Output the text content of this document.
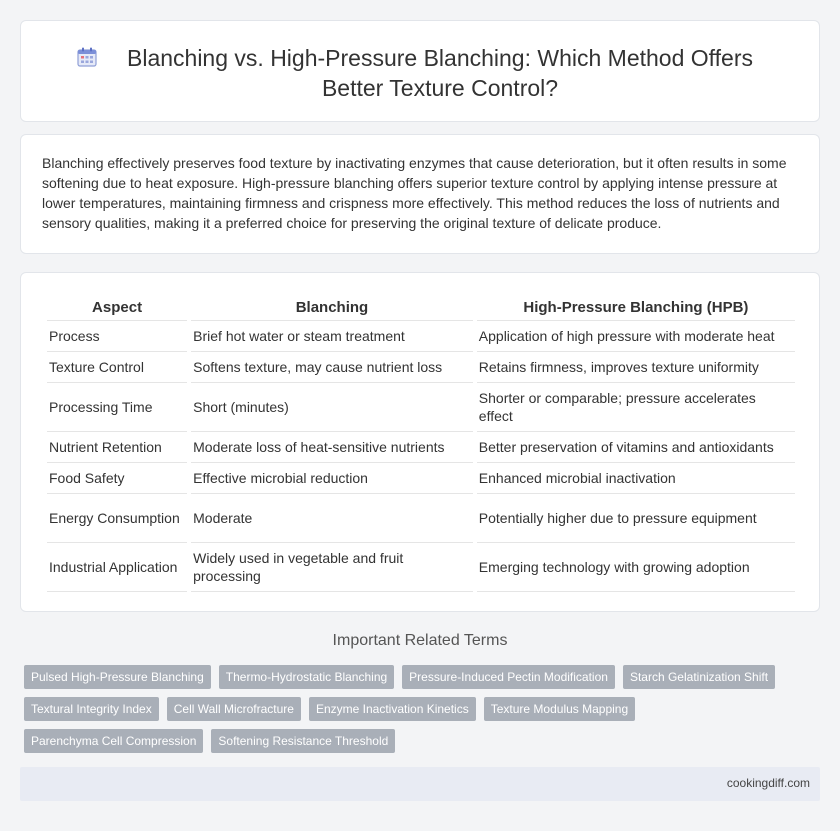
Blanching vs. High-Pressure Blanching: Which Method Offers Better Texture Control?

Blanching effectively preserves food texture by inactivating enzymes that cause deterioration, but it often results in some softening due to heat exposure. High-pressure blanching offers superior texture control by applying intense pressure at lower temperatures, maintaining firmness and crispness more effectively. This method reduces the loss of nutrients and sensory qualities, making it a preferred choice for preserving the original texture of delicate produce.

Aspect	Blanching	High-Pressure Blanching (HPB)
Process	Brief hot water or steam treatment	Application of high pressure with moderate heat
Texture Control	Softens texture, may cause nutrient loss	Retains firmness, improves texture uniformity
Processing Time	Short (minutes)	Shorter or comparable; pressure accelerates effect
Nutrient Retention	Moderate loss of heat-sensitive nutrients	Better preservation of vitamins and antioxidants
Food Safety	Effective microbial reduction	Enhanced microbial inactivation
Energy Consumption	Moderate	Potentially higher due to pressure equipment
Industrial Application	Widely used in vegetable and fruit processing	Emerging technology with growing adoption
Important Related Terms
Pulsed High-Pressure Blanching	Thermo-Hydrostatic Blanching	Pressure-Induced Pectin Modification	Starch Gelatinization Shift
Textural Integrity Index	Cell Wall Microfracture	Enzyme Inactivation Kinetics	Texture Modulus Mapping
Parenchyma Cell Compression	Softening Resistance Threshold
cookingdiff.com
